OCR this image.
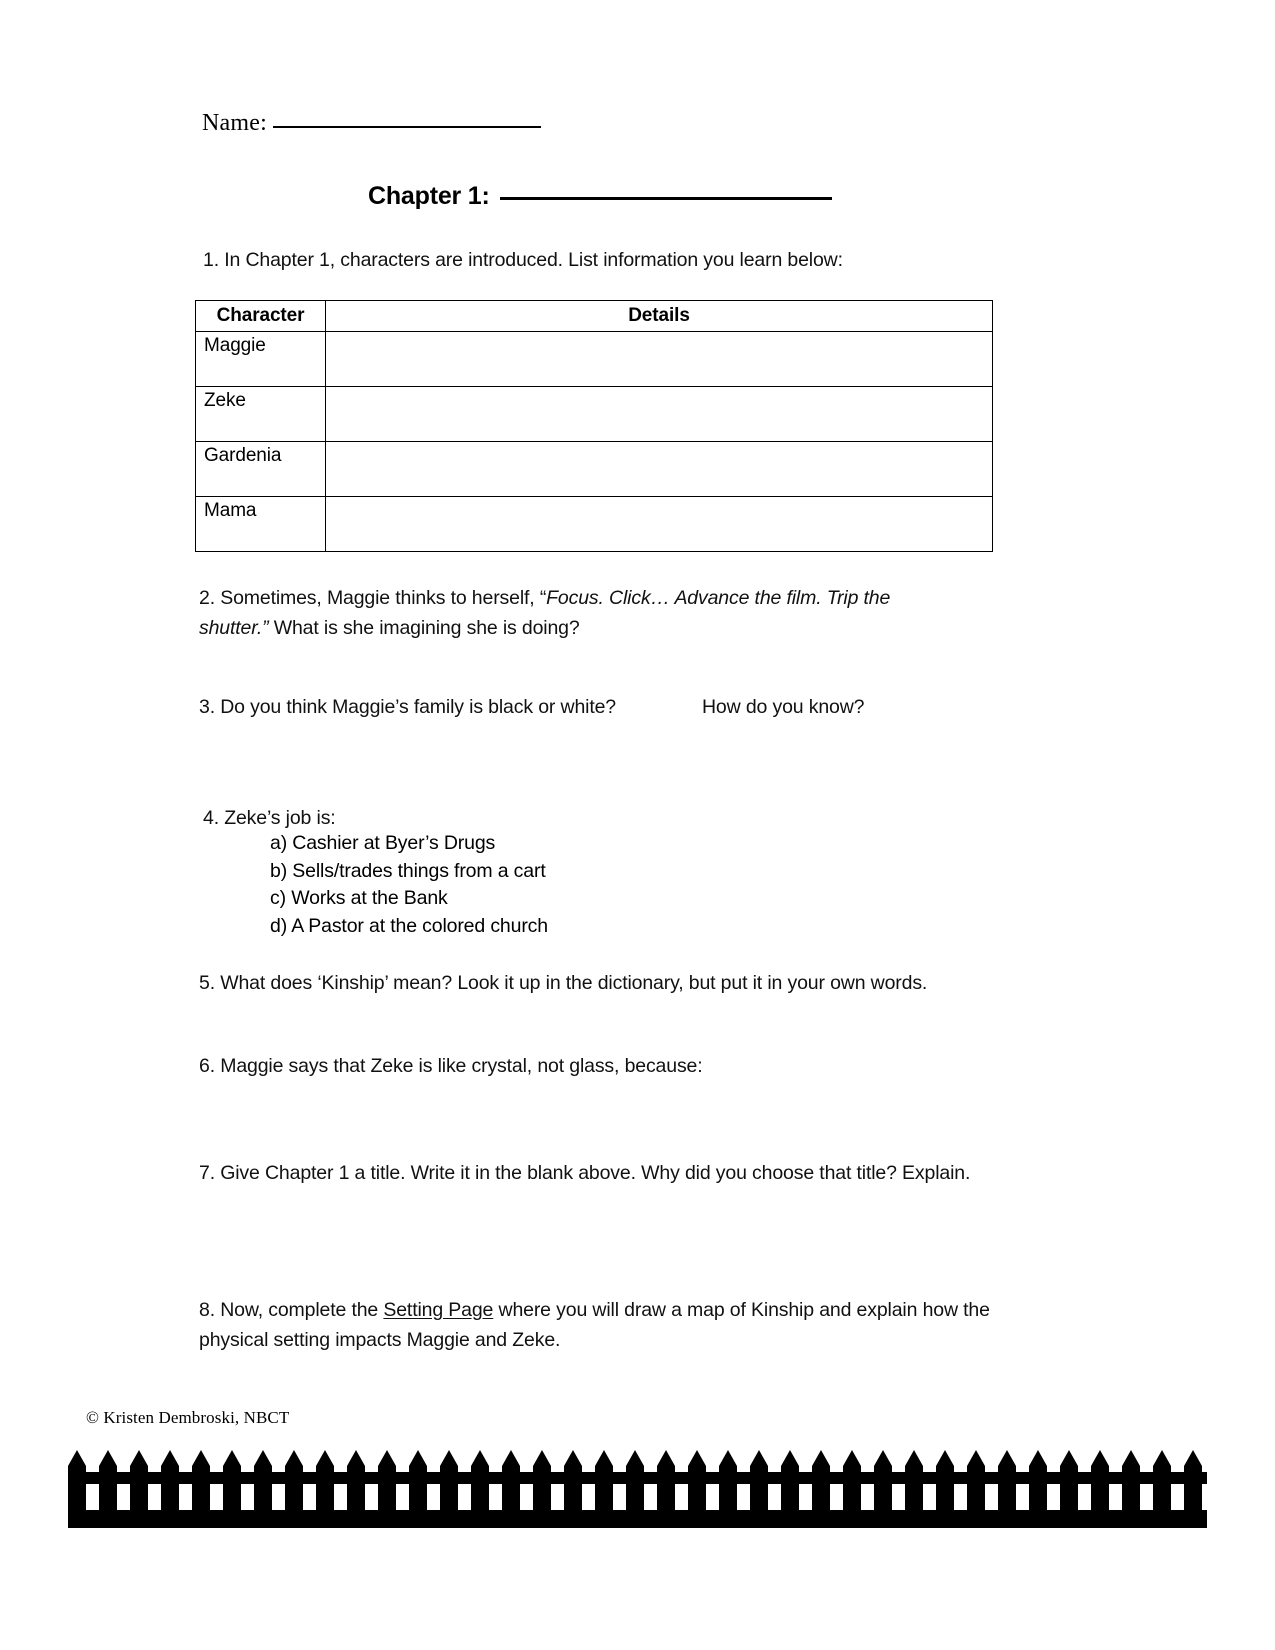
Name:
Chapter 1:
1. In Chapter 1, characters are introduced. List information you learn below:
Character	Details
Maggie	
Zeke	
Gardenia	
Mama	
2. Sometimes, Maggie thinks to herself, “Focus. Click… Advance the film. Trip the shutter.” What is she imagining she is doing?
3. Do you think Maggie’s family is black or white?	How do you know?
4. Zeke’s job is:
a) Cashier at Byer’s Drugs
b) Sells/trades things from a cart
c) Works at the Bank
d) A Pastor at the colored church
5. What does ‘Kinship’ mean? Look it up in the dictionary, but put it in your own words.
6. Maggie says that Zeke is like crystal, not glass, because:
7. Give Chapter 1 a title. Write it in the blank above. Why did you choose that title? Explain.
8. Now, complete the Setting Page where you will draw a map of Kinship and explain how the physical setting impacts Maggie and Zeke.
© Kristen Dembroski, NBCT
